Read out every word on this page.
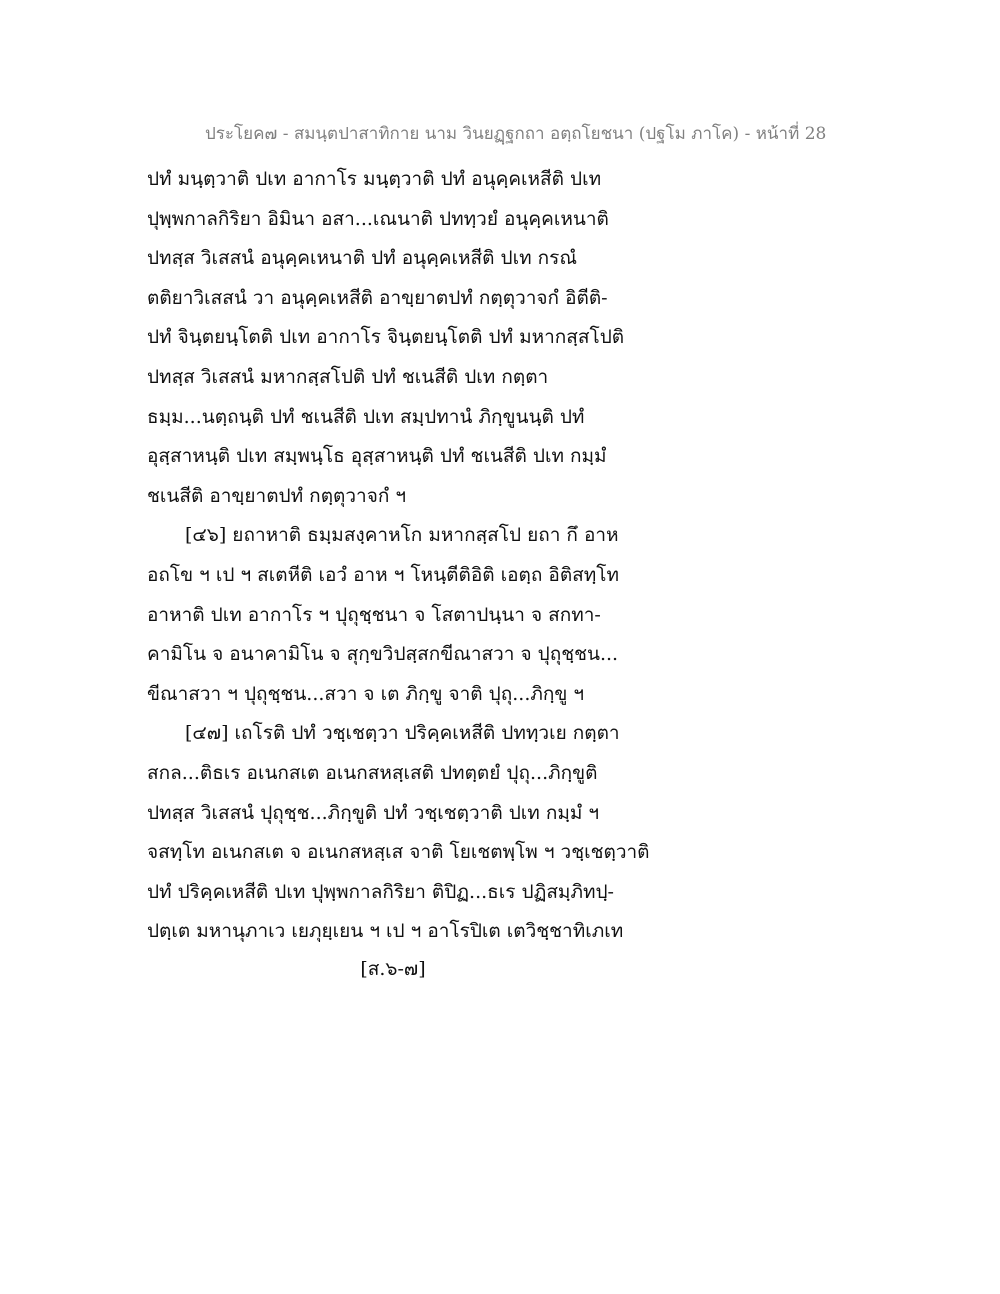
ประโยค๗ - สมนฺตปาสาทิกาย นาม วินยฏฺฐกถา อตฺถโยชนา (ปฐโม ภาโค) - หน้าที่ 28
ปทํ มนฺตฺวาติ ปเท อากาโร มนฺตฺวาติ ปทํ อนุคฺคเหสีติ ปเท
ปุพฺพกาลกิริยา อิมินา อสา...เณนาติ ปททฺวยํ อนุคฺคเหนาติ
ปทสฺส วิเสสนํ อนุคฺคเหนาติ ปทํ อนุคฺคเหสีติ ปเท กรณํ
ตติยาวิเสสนํ วา อนุคฺคเหสีติ อาขฺยาตปทํ กตฺตุวาจกํ อิตีติ-
ปทํ จินฺตยนฺโตติ ปเท อากาโร จินฺตยนฺโตติ ปทํ มหากสฺสโปติ
ปทสฺส วิเสสนํ มหากสฺสโปติ ปทํ ชเนสีติ ปเท กตฺตา
ธมฺม...นตฺถนฺติ ปทํ ชเนสีติ ปเท สมฺปทานํ ภิกฺขูนนฺติ ปทํ
อุสฺสาหนฺติ ปเท สมฺพนฺโธ อุสฺสาหนฺติ ปทํ ชเนสีติ ปเท กมฺมํ
ชเนสีติ อาขฺยาตปทํ กตฺตุวาจกํ ฯ
[๔๖] ยถาหาติ ธมฺมสงฺคาหโก มหากสฺสโป ยถา กึ อาห
อถโข ฯ เป ฯ สเตหีติ เอวํ อาห ฯ โหนฺตีติอิติ เอตฺถ อิติสทฺโท
อาหาติ ปเท อากาโร ฯ ปุถุชฺชนา จ โสตาปนฺนา จ สกทา-
คามิโน จ อนาคามิโน จ สุกฺขวิปสฺสกขีณาสวา จ ปุถุชฺชน...
ขีณาสวา ฯ ปุถุชฺชน...สวา จ เต ภิกฺขู จาติ ปุถุ...ภิกฺขู ฯ
[๔๗] เถโรติ ปทํ วชฺเชตฺวา ปริคฺคเหสีติ ปททฺวเย กตฺตา
สกล...ติธเร อเนกสเต อเนกสหสฺเสติ ปทตฺตยํ ปุถุ...ภิกฺขูติ
ปทสฺส วิเสสนํ ปุถุชฺช...ภิกฺขูติ ปทํ วชฺเชตฺวาติ ปเท กมฺมํ ฯ
จสทฺโท อเนกสเต จ อเนกสหสฺเส จาติ โยเชตพฺโพ ฯ วชฺเชตฺวาติ
ปทํ ปริคฺคเหสีติ ปเท ปุพฺพกาลกิริยา ติปิฏ...ธเร ปฏิสมฺภิทปฺ-
ปตฺเต มหานุภาเว เยภุยฺเยน ฯ เป ฯ อาโรปิเต เตวิชฺชาทิเภเท
[ส.๖-๗]
